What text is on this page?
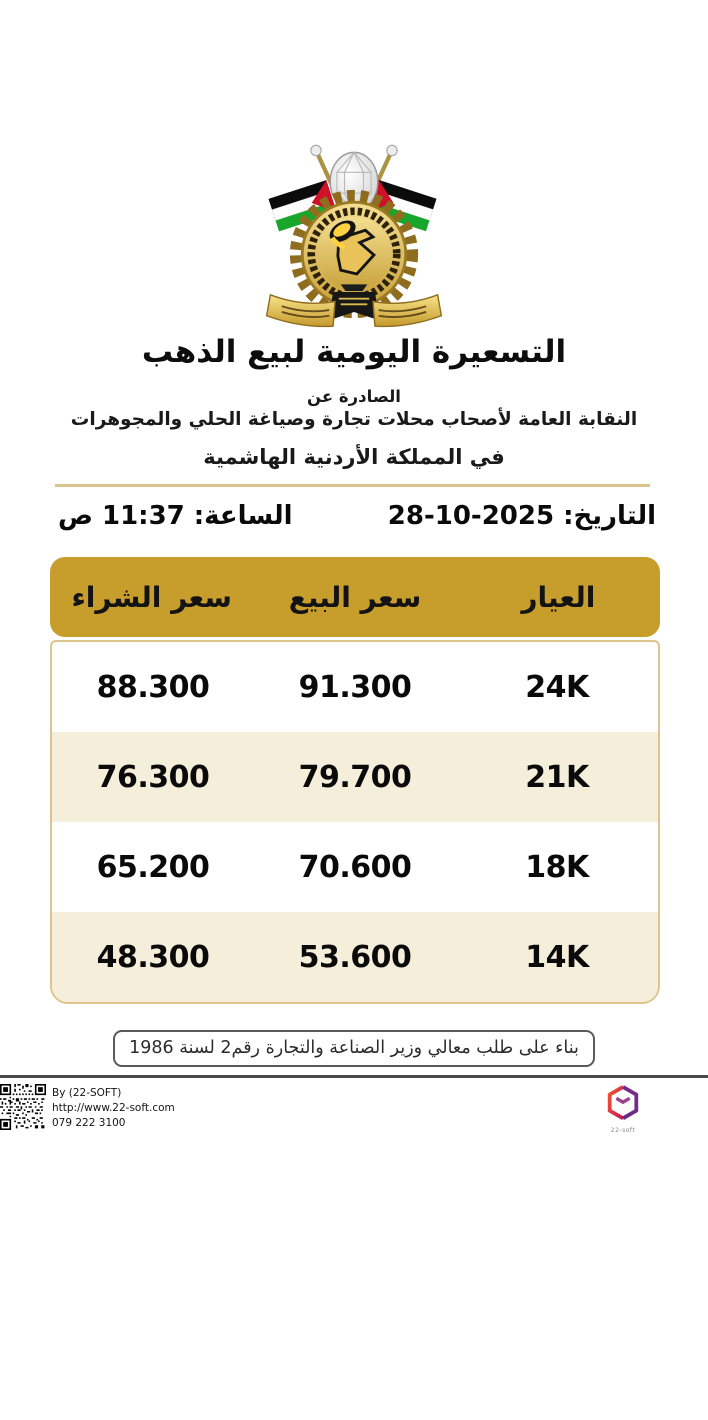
التسعيرة اليومية لبيع الذهب
الصادرة عن
النقابة العامة لأصحاب محلات تجارة وصياغة الحلي والمجوهرات
في المملكة الأردنية الهاشمية
التاريخ:
28-10-2025
الساعة:
11:37
ص
العيار
سعر البيع
سعر الشراء
24K
91.300
88.300
21K
79.700
76.300
18K
70.600
65.200
14K
53.600
48.300
بناء على طلب معالي وزير الصناعة والتجارة رقم2 لسنة 1986
22-soft
By (22-SOFT)
http://www.22-soft.com
079 222 3100
